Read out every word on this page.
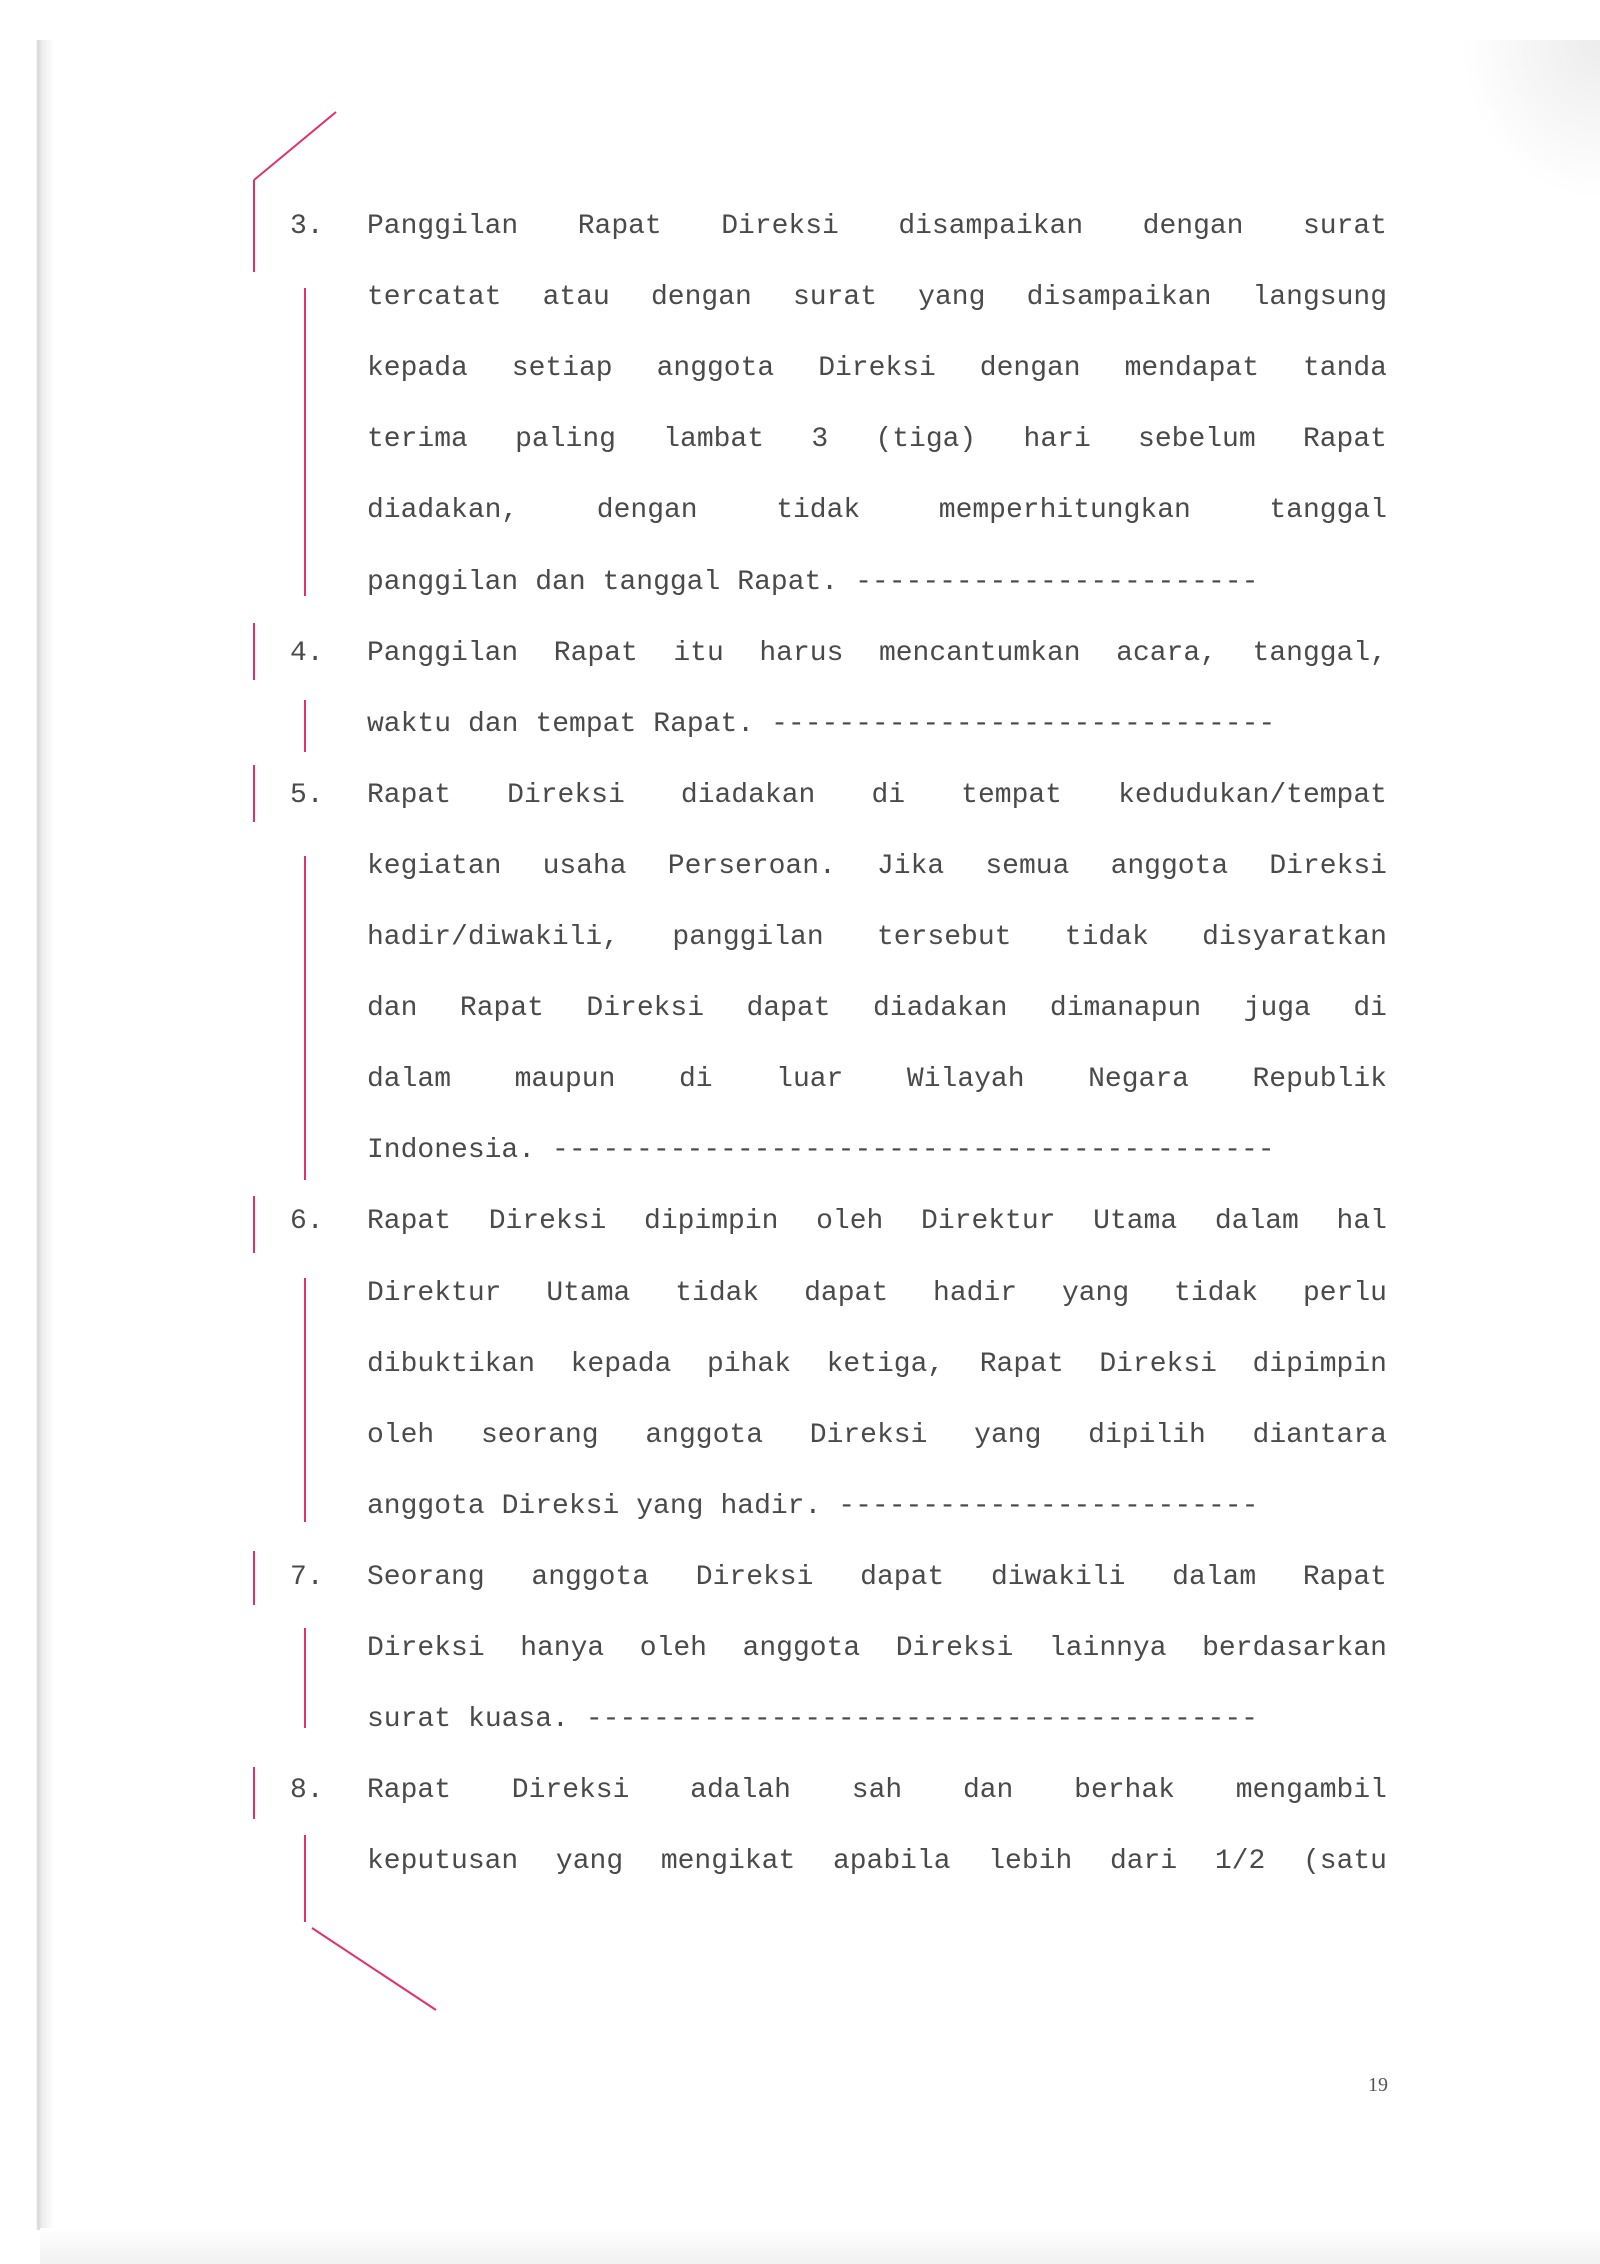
3. Panggilan Rapat Direksi disampaikan dengan surat
tercatat atau dengan surat yang disampaikan langsung
kepada setiap anggota Direksi dengan mendapat tanda
terima paling lambat 3 (tiga) hari sebelum Rapat
diadakan,	dengan	tidak	memperhitungkan	tanggal
panggilan dan tanggal Rapat. ------------------------
4. Panggilan Rapat itu harus mencantumkan acara, tanggal,
waktu dan tempat Rapat. ------------------------------
5. Rapat Direksi diadakan di tempat kedudukan/tempat
kegiatan usaha Perseroan. Jika semua anggota Direksi
hadir/diwakili, panggilan tersebut tidak disyaratkan
dan Rapat Direksi dapat diadakan dimanapun juga di
dalam maupun di luar Wilayah Negara Republik
Indonesia. -------------------------------------------
6. Rapat Direksi dipimpin oleh Direktur Utama dalam hal
Direktur Utama tidak dapat hadir yang tidak perlu
dibuktikan kepada pihak ketiga, Rapat Direksi dipimpin
oleh seorang anggota Direksi yang dipilih diantara
anggota Direksi yang hadir. -------------------------
7. Seorang anggota Direksi dapat diwakili dalam Rapat
Direksi hanya oleh anggota Direksi lainnya berdasarkan
surat kuasa. ----------------------------------------
8. Rapat Direksi adalah sah dan berhak mengambil
keputusan yang mengikat apabila lebih dari 1/2 (satu
19
